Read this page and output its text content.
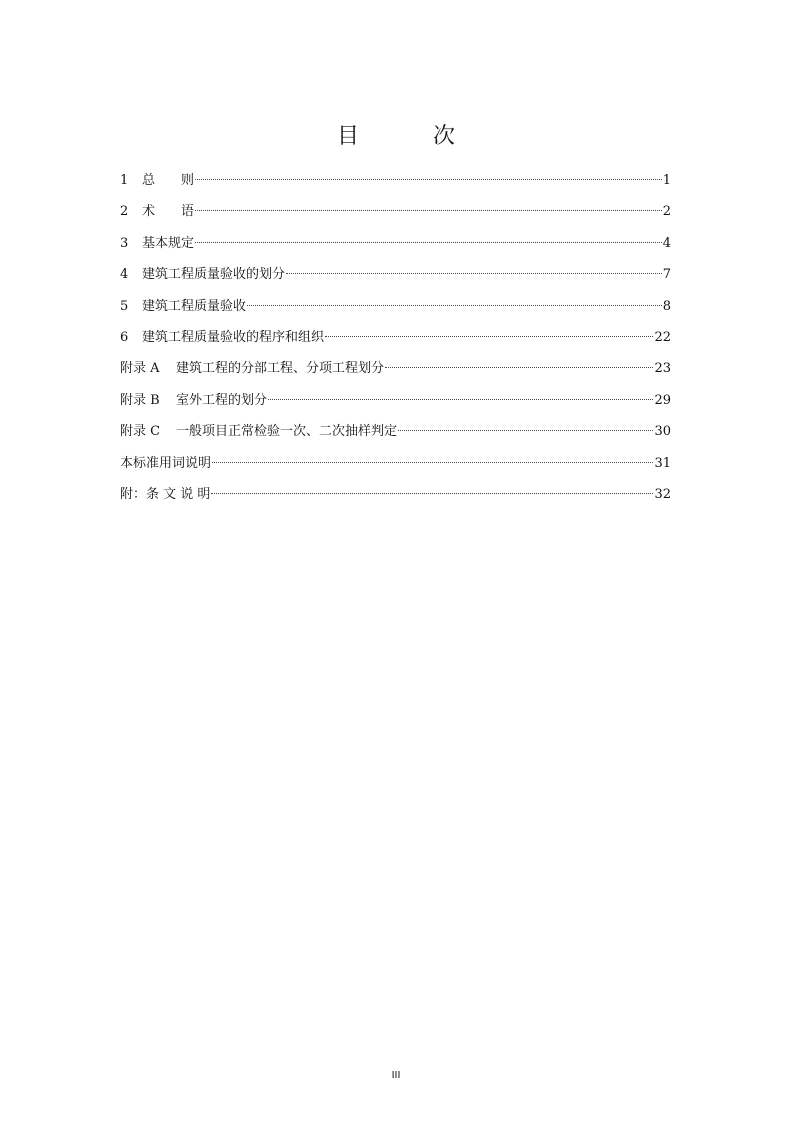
目　次
1	总　　则	1
2	术　　语	2
3	基本规定	4
4	建筑工程质量验收的划分	7
5	建筑工程质量验收	8
6	建筑工程质量验收的程序和组织	22
附录 A	建筑工程的分部工程、分项工程划分	23
附录 B	室外工程的划分	29
附录 C	一般项目正常检验一次、二次抽样判定	30
本标准用词说明	31
附：条 文 说 明	32
III
